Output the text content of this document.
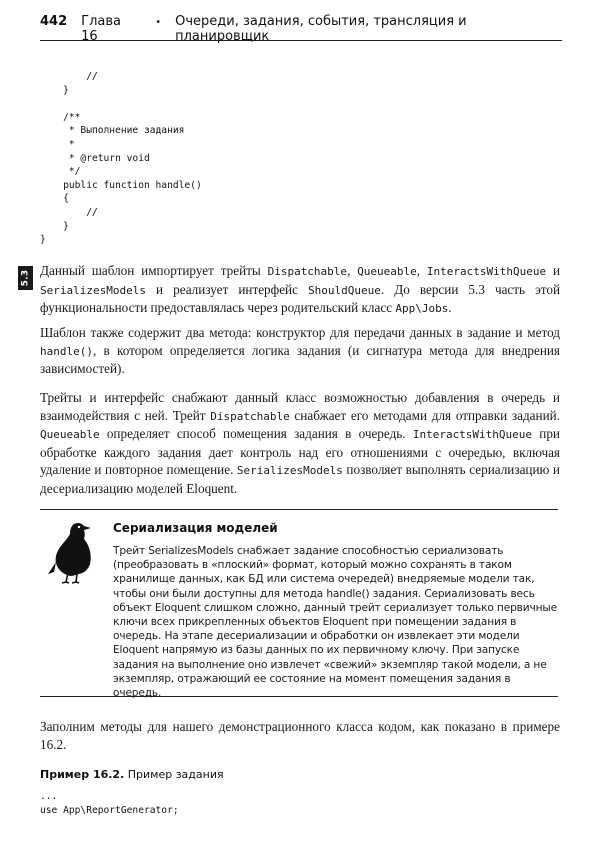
442 Глава 16
• Очереди, задания, события, трансляция и планировщик
//
}

/**
* Выполнение задания
*
* @return void
*/
public function handle()
{
//
}
}
5.3 Данный шаблон импортирует трейты Dispatchable, Queueable, InteractsWithQueue и SerializesModels и реализует интерфейс ShouldQueue. До версии 5.3 часть этой функциональности предоставлялась через родительский класс App\Jobs.

Шаблон также содержит два метода: конструктор для передачи данных в задание и метод handle(), в котором определяется логика задания (и сигнатура метода для внедрения зависимостей).

Трейты и интерфейс снабжают данный класс возможностью добавления в очередь и взаимодействия с ней. Трейт Dispatchable снабжает его методами для отправки заданий. Queueable определяет способ помещения задания в очередь. InteractsWithQueue при обработке каждого задания дает контроль над его отношениями с очередью, включая удаление и повторное помещение. SerializesModels позволяет выполнять сериализацию и десериализацию моделей Eloquent.

Сериализация моделей

Трейт SerializesModels снабжает задание способностью сериализовать (преобразовать в «плоский» формат, который можно сохранять в таком хранилище данных, как БД или система очередей) внедряемые модели так, чтобы они были доступны для метода handle() задания. Сериализовать весь объект Eloquent слишком сложно, данный трейт сериализует только первичные ключи всех прикрепленных объектов Eloquent при помещении задания в очередь. На этапе десериализации и обработки он извлекает эти модели Eloquent напрямую из базы данных по их первичному ключу. При запуске задания на выполнение оно извлечет «свежий» экземпляр такой модели, а не экземпляр, отражающий ее состояние на момент помещения задания в очередь.

Заполним методы для нашего демонстрационного класса кодом, как показано в примере 16.2.

Пример 16.2. Пример задания

...
use App\ReportGenerator;
